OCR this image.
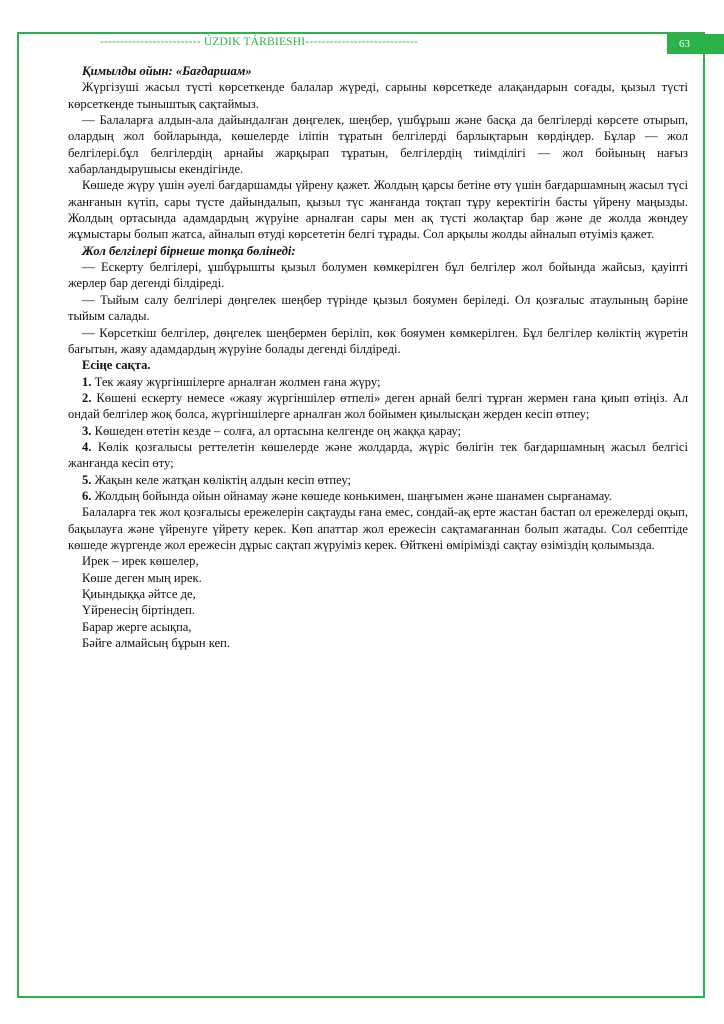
------------------------- ÚZDIK TÁRBIESHI----------------------------	63
Қимылды ойын: «Бағдаршам»

Жүргізуші жасыл түсті көрсеткенде балалар жүреді, сарыны көрсеткеде алақандарын соғады, қызыл түсті көрсеткенде тыныштық сақтаймыз.

— Балаларға алдын-ала дайындалған дөңгелек, шеңбер, үшбұрыш және басқа да белгілерді көрсете отырып, олардың жол бойларында, көшелерде іліпін тұратын белгілерді барлықтарын көрдіңдер. Бұлар — жол белгілері.бұл белгілердің арнайы жарқырап тұратын, белгілердің тиімділігі — жол бойының нағыз хабарландырушысы екендігінде.

Көшеде жүру үшін әуелі бағдаршамды үйрену қажет. Жолдың қарсы бетіне өту үшін бағдаршамның жасыл түсі жанғанын күтіп, сары түсте дайындалып, қызыл түс жанғанда тоқтап тұру керектігін басты үйрену маңызды. Жолдың ортасында адамдардың жүруіне арналған сары мен ақ түсті жолақтар бар және де жолда жөндеу жұмыстары болып жатса, айналып өтуді көрсететін белгі тұрады. Сол арқылы жолды айналып өтуіміз қажет.

Жол белгілері бірнеше топқа бөлінеді:

— Ескерту белгілері, ұшбұрышты қызыл болумен көмкерілген бұл белгілер жол бойында жайсыз, қауіпті жерлер бар дегенді білдіреді.

— Тыйым салу белгілері дөңгелек шеңбер түрінде қызыл бояумен беріледі. Ол қозғалыс атаулының бәріне тыйым салады.

— Көрсеткіш белгілер, дөңгелек шеңбермен беріліп, көк бояумен көмкерілген. Бұл белгілер көліктің жүретін бағытын, жаяу адамдардың жүруіне болады дегенді білдіреді.

Есіңе сақта.

1. Тек жаяу жүргіншілерге арналған жолмен ғана жүру;

2. Көшені ескерту немесе «жаяу жүргіншілер өтпелі» деген арнай белгі тұрған жермен ғана қиып өтіңіз. Ал ондай белгілер жоқ болса, жүргіншілерге арналған жол бойымен қиылысқан жерден кесіп өтпеу;

3. Көшеден өтетін кезде – солға, ал ортасына келгенде оң жаққа қарау;

4. Көлік қозғалысы реттелетін көшелерде және жолдарда, жүріс бөлігін тек бағдаршамның жасыл белгісі жанғанда кесіп өту;

5. Жақын келе жатқан көліктің алдын кесіп өтпеу;

6. Жолдың бойында ойын ойнамау және көшеде конькимен, шаңғымен және шанамен сырғанамау.

Балаларға тек жол қозғалысы ережелерін сақтауды ғана емес, сондай-ақ ерте жастан бастап ол ережелерді оқып, бақылауға және үйренуге үйрету керек. Көп апаттар жол ережесін сақтамағаннан болып жатады. Сол себептіде көшеде жүргенде жол ережесін дұрыс сақтап жүруіміз керек. Өйткені өмірімізді сақтау өзіміздің қолымызда.

Ирек – ирек көшелер,
Көше деген мың ирек.
Қиындыққа әйтсе де,
Үйренесің біртіндеп.
Барар жерге асықпа,
Бәйге алмайсың бұрын кеп.
